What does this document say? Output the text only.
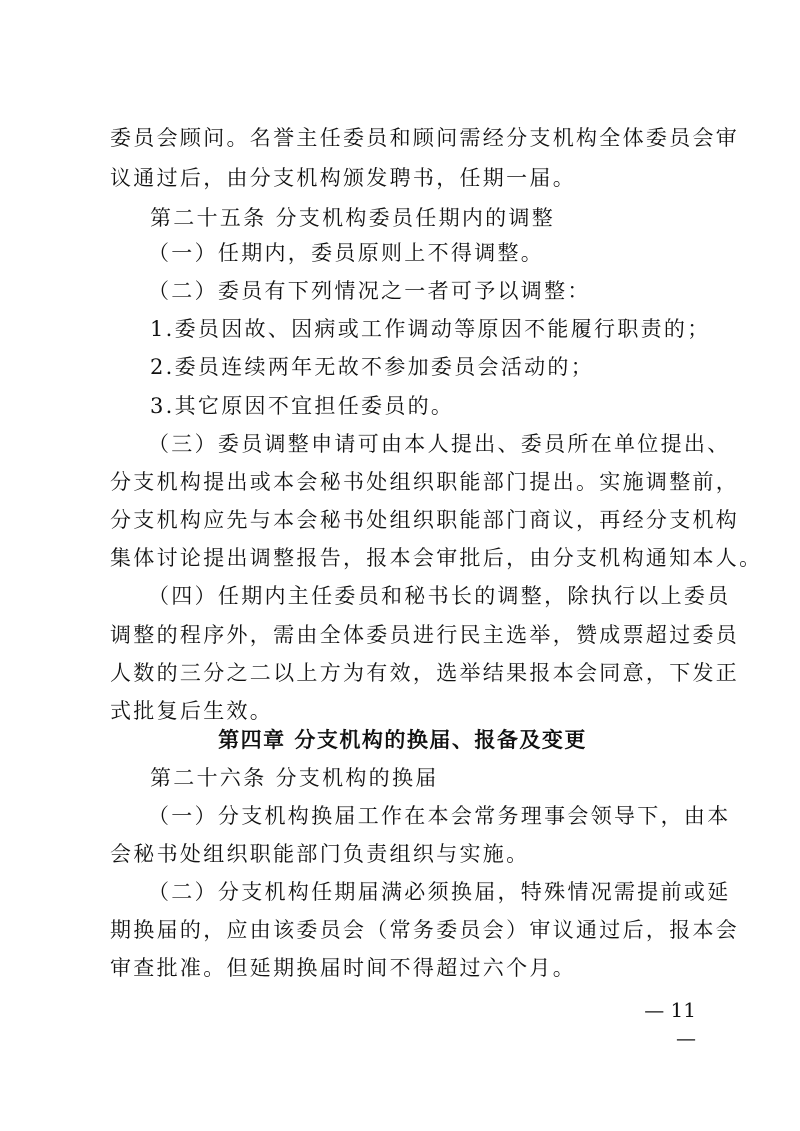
委员会顾问。名誉主任委员和顾问需经分支机构全体委员会审
议通过后，由分支机构颁发聘书，任期一届。
第二十五条 分支机构委员任期内的调整
（一）任期内，委员原则上不得调整。
（二）委员有下列情况之一者可予以调整：
1.委员因故、因病或工作调动等原因不能履行职责的；
2.委员连续两年无故不参加委员会活动的；
3.其它原因不宜担任委员的。
（三）委员调整申请可由本人提出、委员所在单位提出、
分支机构提出或本会秘书处组织职能部门提出。实施调整前，
分支机构应先与本会秘书处组织职能部门商议，再经分支机构
集体讨论提出调整报告，报本会审批后，由分支机构通知本人。
（四）任期内主任委员和秘书长的调整，除执行以上委员
调整的程序外，需由全体委员进行民主选举，赞成票超过委员
人数的三分之二以上方为有效，选举结果报本会同意，下发正
式批复后生效。
第四章 分支机构的换届、报备及变更
第二十六条 分支机构的换届
（一）分支机构换届工作在本会常务理事会领导下，由本
会秘书处组织职能部门负责组织与实施。
（二）分支机构任期届满必须换届，特殊情况需提前或延
期换届的，应由该委员会（常务委员会）审议通过后，报本会
审查批准。但延期换届时间不得超过六个月。
— 11 —
